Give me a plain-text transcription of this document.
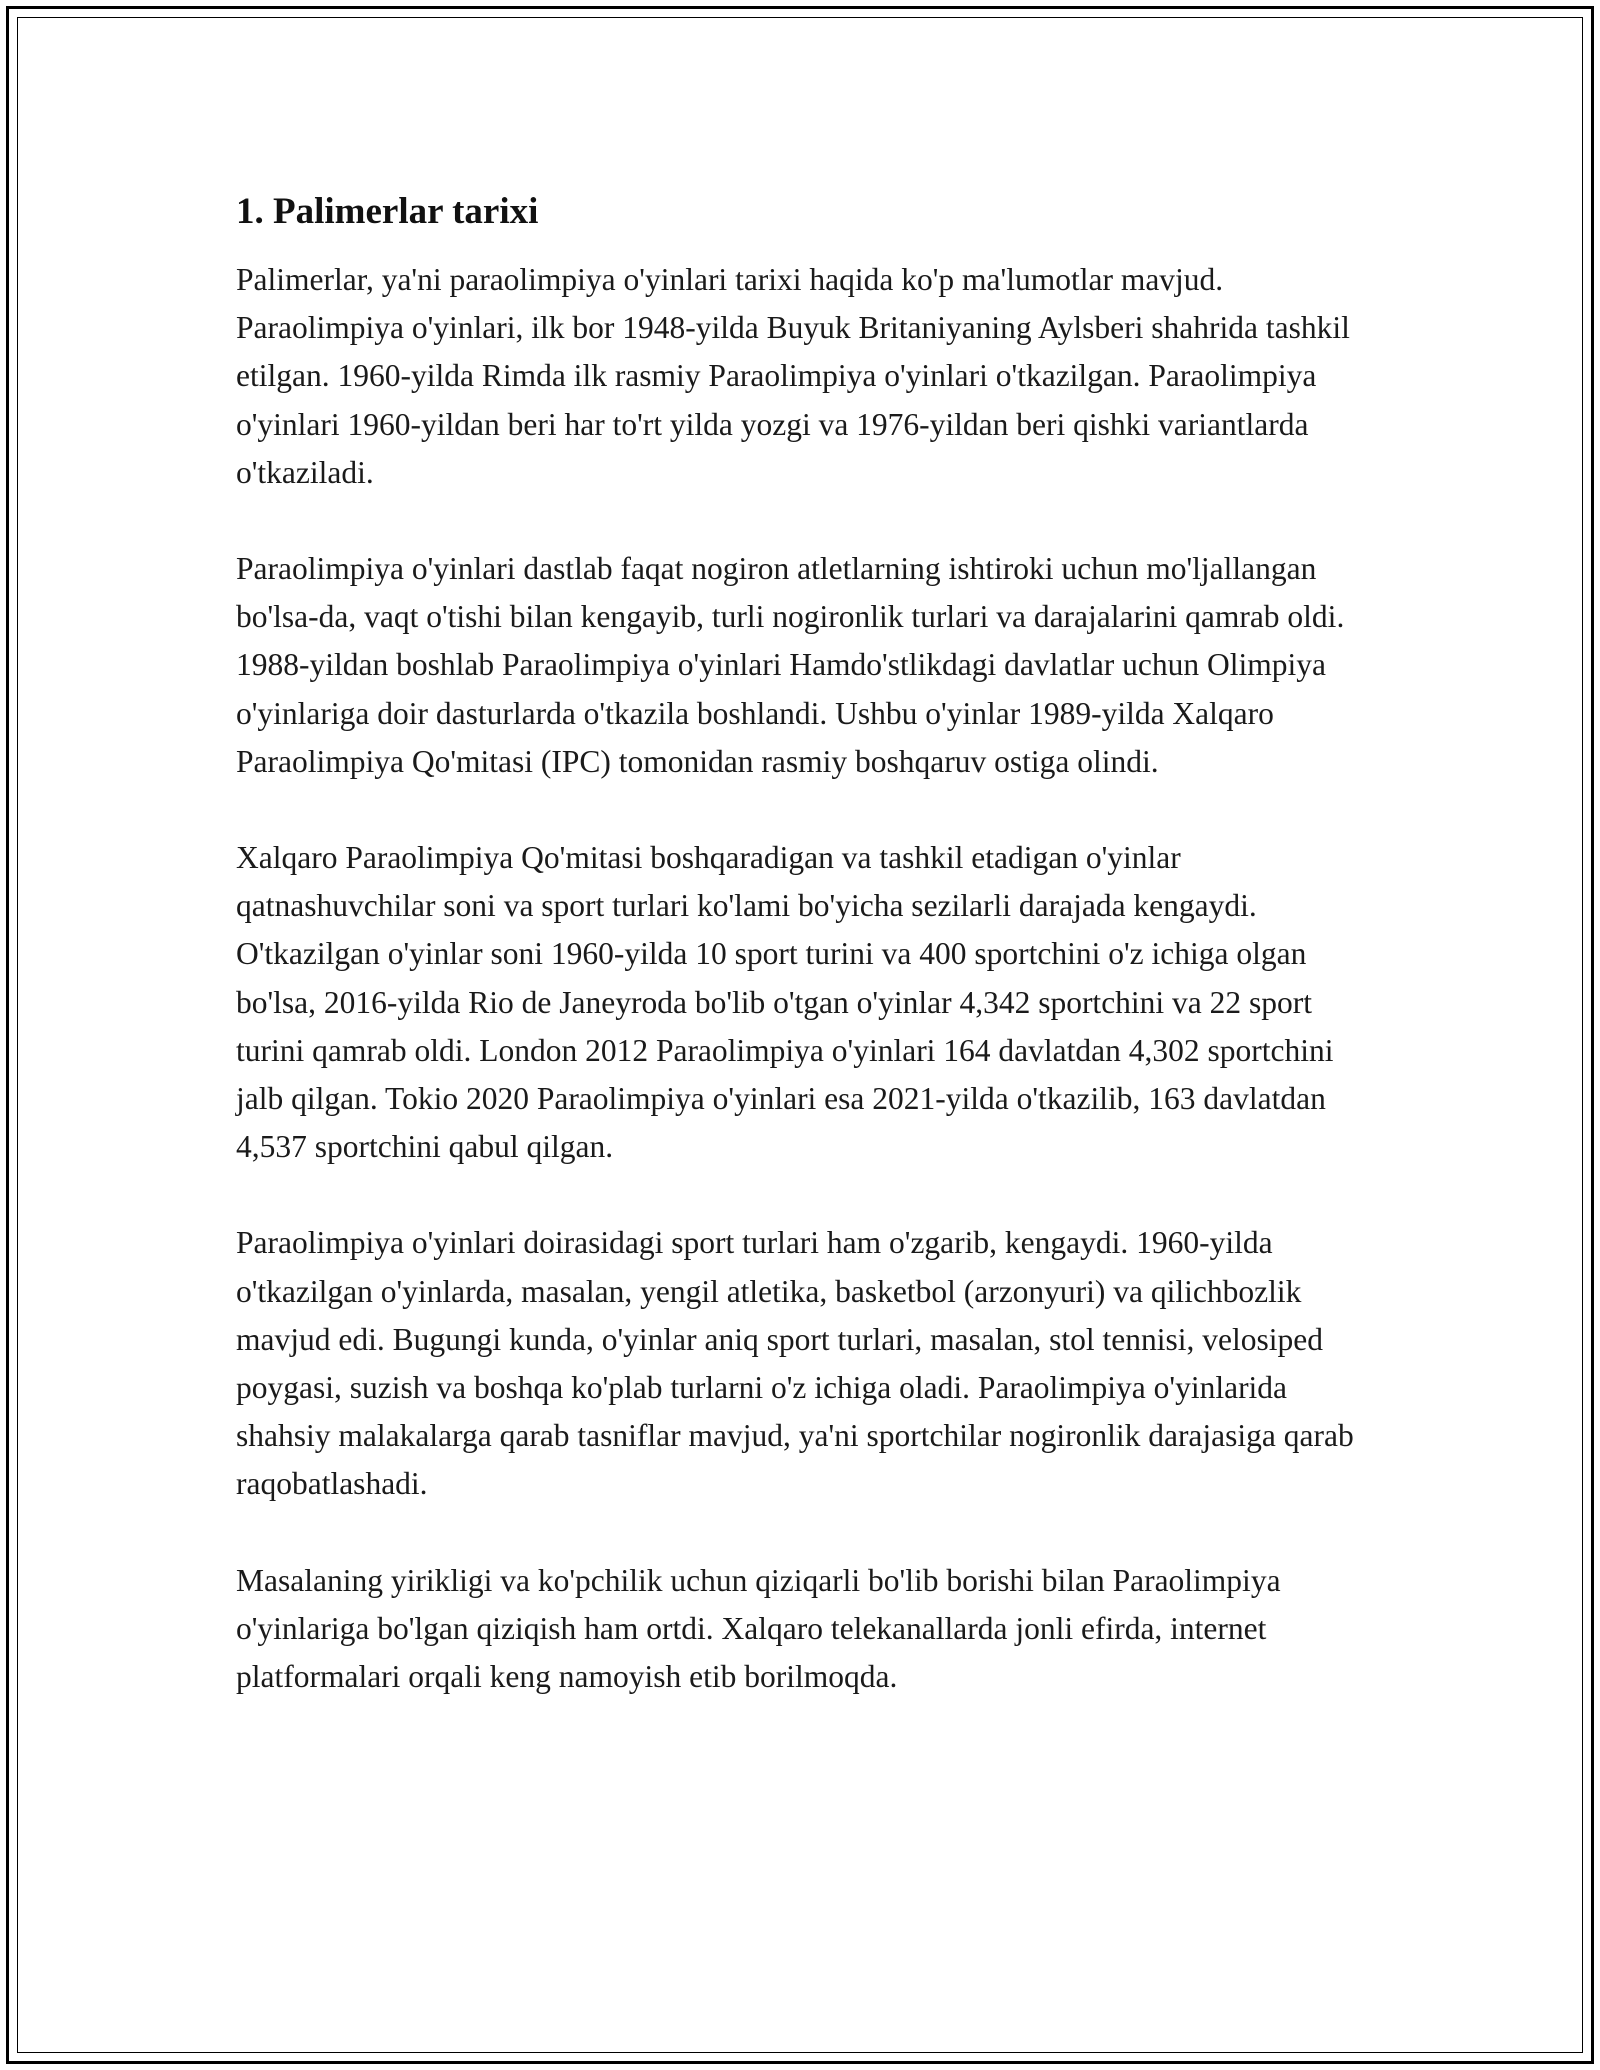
1. Palimerlar tarixi

Palimerlar, ya'ni paraolimpiya o'yinlari tarixi haqida ko'p ma'lumotlar mavjud. Paraolimpiya o'yinlari, ilk bor 1948-yilda Buyuk Britaniyaning Aylsberi shahrida tashkil etilgan. 1960-yilda Rimda ilk rasmiy Paraolimpiya o'yinlari o'tkazilgan. Paraolimpiya o'yinlari 1960-yildan beri har to'rt yilda yozgi va 1976-yildan beri qishki variantlarda o'tkaziladi.

Paraolimpiya o'yinlari dastlab faqat nogiron atletlarning ishtiroki uchun mo'ljallangan bo'lsa-da, vaqt o'tishi bilan kengayib, turli nogironlik turlari va darajalarini qamrab oldi. 1988-yildan boshlab Paraolimpiya o'yinlari Hamdo'stlikdagi davlatlar uchun Olimpiya o'yinlariga doir dasturlarda o'tkazila boshlandi. Ushbu o'yinlar 1989-yilda Xalqaro Paraolimpiya Qo'mitasi (IPC) tomonidan rasmiy boshqaruv ostiga olindi.

Xalqaro Paraolimpiya Qo'mitasi boshqaradigan va tashkil etadigan o'yinlar qatnashuvchilar soni va sport turlari ko'lami bo'yicha sezilarli darajada kengaydi. O'tkazilgan o'yinlar soni 1960-yilda 10 sport turini va 400 sportchini o'z ichiga olgan bo'lsa, 2016-yilda Rio de Janeyroda bo'lib o'tgan o'yinlar 4,342 sportchini va 22 sport turini qamrab oldi. London 2012 Paraolimpiya o'yinlari 164 davlatdan 4,302 sportchini jalb qilgan. Tokio 2020 Paraolimpiya o'yinlari esa 2021-yilda o'tkazilib, 163 davlatdan 4,537 sportchini qabul qilgan.

Paraolimpiya o'yinlari doirasidagi sport turlari ham o'zgarib, kengaydi. 1960-yilda o'tkazilgan o'yinlarda, masalan, yengil atletika, basketbol (arzonyuri) va qilichbozlik mavjud edi. Bugungi kunda, o'yinlar aniq sport turlari, masalan, stol tennisi, velosiped poygasi, suzish va boshqa ko'plab turlarni o'z ichiga oladi. Paraolimpiya o'yinlarida shahsiy malakalarga qarab tasniflar mavjud, ya'ni sportchilar nogironlik darajasiga qarab raqobatlashadi.

Masalaning yirikligi va ko'pchilik uchun qiziqarli bo'lib borishi bilan Paraolimpiya o'yinlariga bo'lgan qiziqish ham ortdi. Xalqaro telekanallarda jonli efirda, internet platformalari orqali keng namoyish etib borilmoqda.
